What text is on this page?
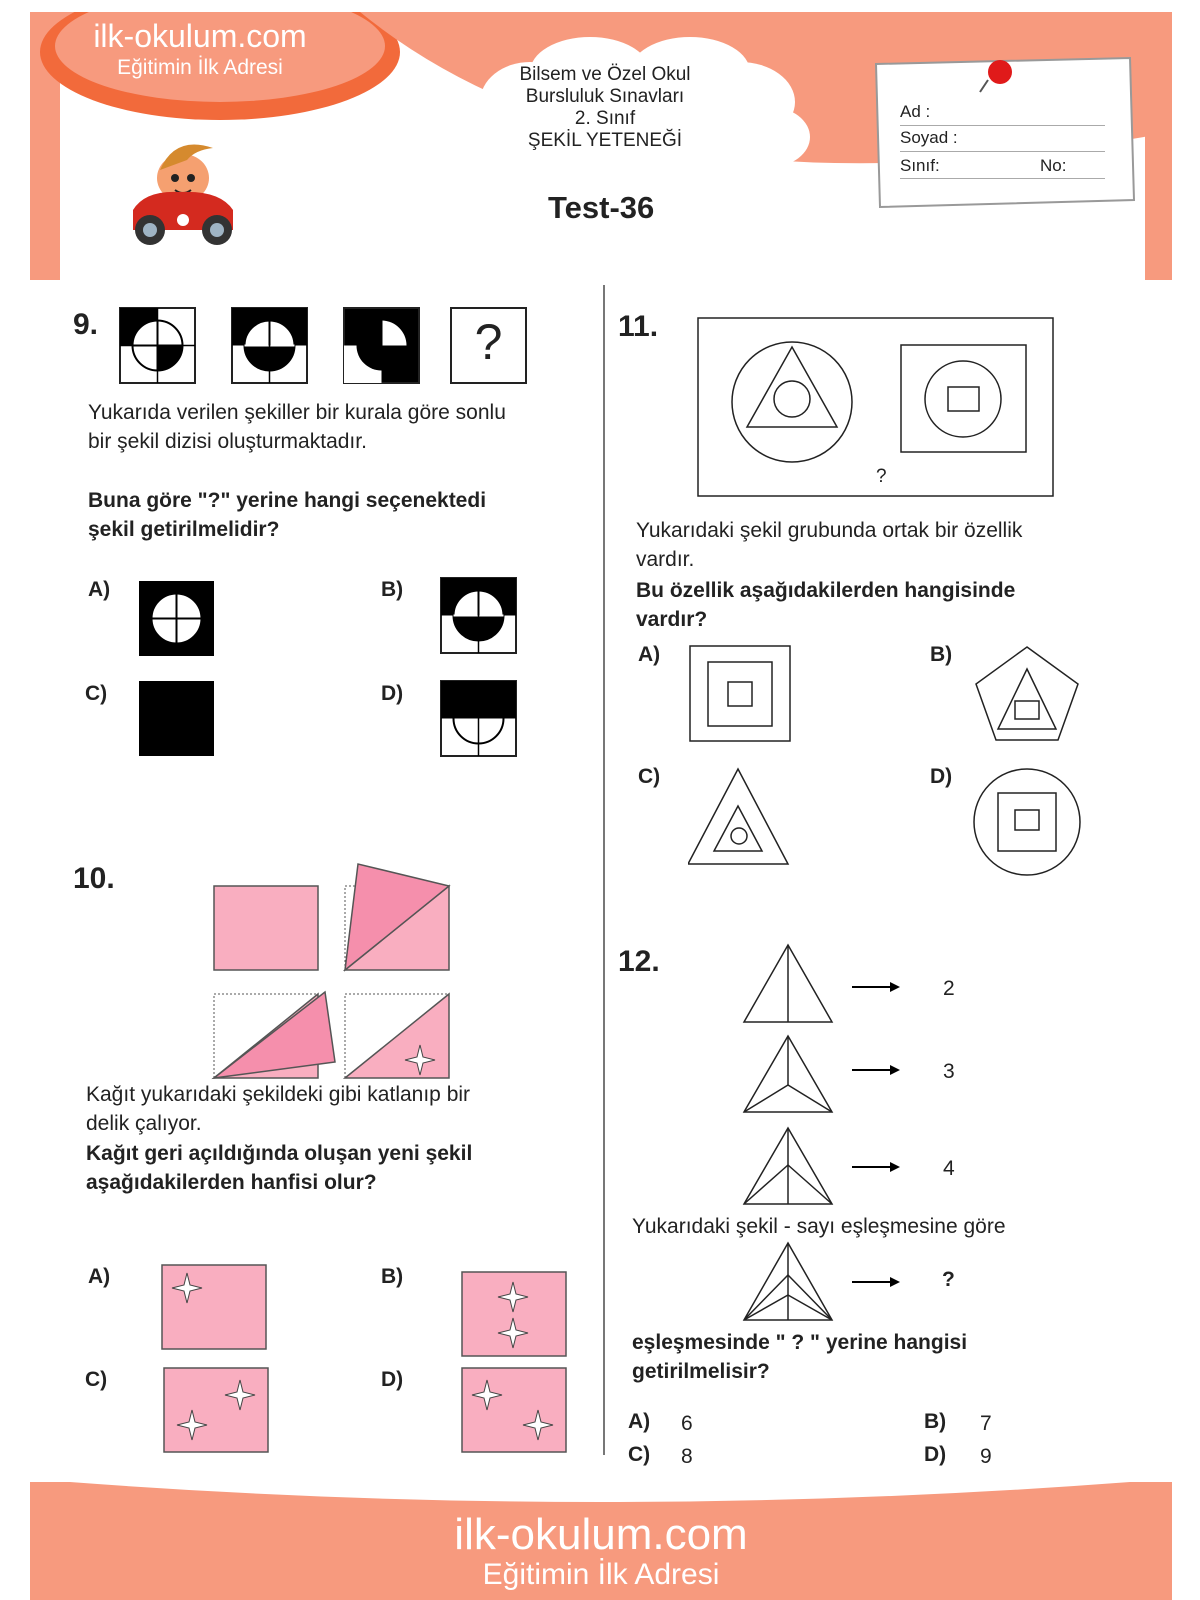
ilk-okulum.com
Eğitimin İlk Adresi	Bilsem ve Özel Okul
Bursluluk Sınavları
2. Sınıf
ŞEKİL YETENEĞİ
Test-36
Ad :
Soyad :
Sınıf:	No:
9.	?
Yukarıda verilen şekiller bir kurala göre sonlu
bir şekil dizisi oluşturmaktadır.
Buna göre "?" yerine hangi seçenektedi
şekil getirilmelidir?
A)	B)
C)	D)
10.
Kağıt yukarıdaki şekildeki gibi katlanıp bir
delik çalıyor.
Kağıt geri açıldığında oluşan yeni şekil
aşağıdakilerden hanfisi olur?
A)	B)
C)	D)
11.
?
Yukarıdaki şekil grubunda ortak bir özellik
vardır.
Bu özellik aşağıdakilerden hangisinde
vardır?
A)	B)
C)	D)
12.
2
3
4
Yukarıdaki şekil - sayı eşleşmesine göre
?
eşleşmesinde " ? " yerine hangisi
getirilmelisir?
A) 6	B) 7
C) 8	D) 9
ilk-okulum.com
Eğitimin İlk Adresi
